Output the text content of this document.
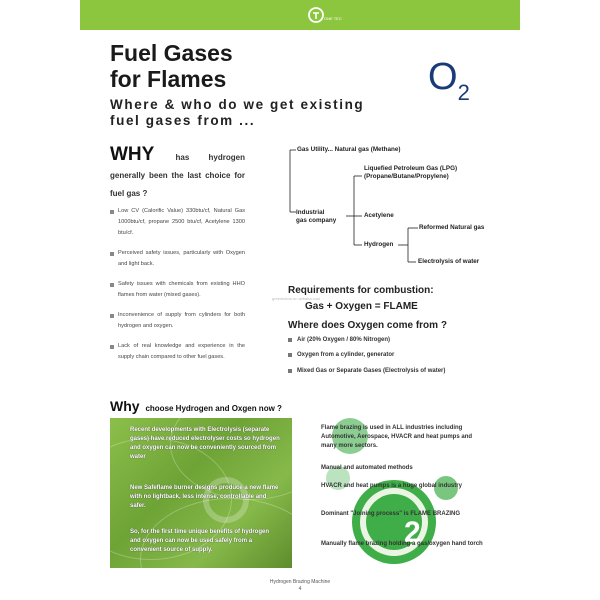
ONE TEC
Fuel Gases
for Flames
Where & who do we get existing
fuel gases from ...
$O_2$
WHY	has hydrogen generally been the last choice for fuel gas ?
Low CV (Calorific Value) 330btu/cf, Natural Gas 1000btu/cf, propane 2500 btu/cf, Acetylene 1300 btu/cf.
Perceived safety issues, particularly with Oxygen and light back.
Safety issues with chemicals from existing HHO flames from water (mixed gases).
Inconvenience of supply from cylinders for both hydrogen and oxygen.
Lack of real knowledge and experience in the supply chain compared to other fuel gases.
Gas Utility... Natural gas (Methane)
Liquefied Petroleum Gas (LPG)
(Propane/Butane/Propylene)
Industrial
gas company
Acetylene
Hydrogen
Reformed Natural gas
Electrolysis of water
greentekno.en.alibaba.com
Requirements for combustion:
Gas + Oxygen = FLAME
Where does Oxygen come from ?
Air (20% Oxygen / 80% Nitrogen)
Oxygen from a cylinder, generator
Mixed Gas or Separate Gases (Electrolysis of water)
Why choose Hydrogen and Oxgen now ?
Recent developments with Electrolysis (separate gases) have reduced electrolyser costs so hydrogen and oxygen can now be conveniently sourced from water
New Safeflame burner designs produce a new flame with no lightback, less intense, controllable and safer.
So, for the first time unique benefits of hydrogen and oxygen can now be used safely from a convenient source of supply.
2
Flame brazing is used in ALL industries including Automotive, Aerospace, HVACR and heat pumps and many more sectors.
Manual and automated methods
HVACR and heat pumps is a huge global industry
Dominant "Joining process" is FLAME BRAZING
Manually flame brazing holding a gas/oxygen hand torch
Hydrogen Brazing Machine
4
